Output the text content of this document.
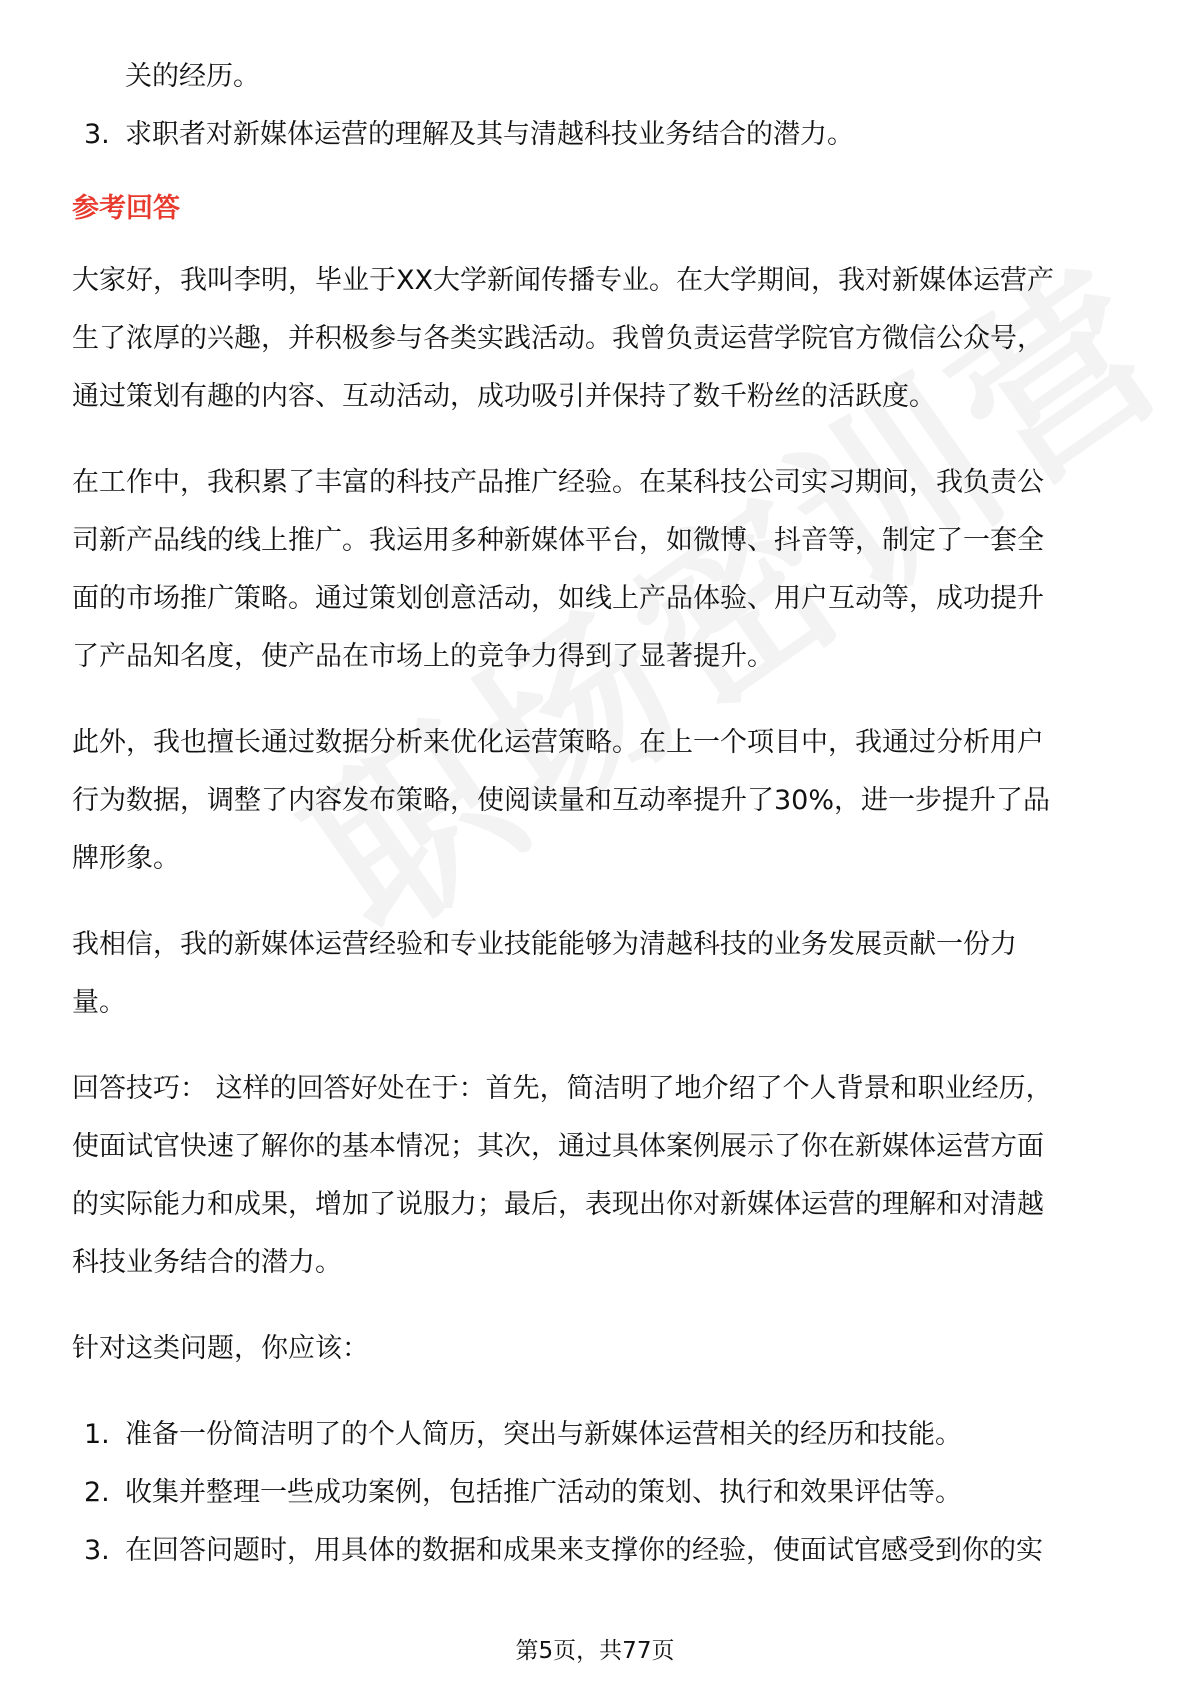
关的经历。
3. 求职者对新媒体运营的理解及其与清越科技业务结合的潜力。
参考回答
大家好，我叫李明，毕业于XX大学新闻传播专业。在大学期间，我对新媒体运营产
生了浓厚的兴趣，并积极参与各类实践活动。我曾负责运营学院官方微信公众号，
通过策划有趣的内容、互动活动，成功吸引并保持了数千粉丝的活跃度。
在工作中，我积累了丰富的科技产品推广经验。在某科技公司实习期间，我负责公
司新产品线的线上推广。我运用多种新媒体平台，如微博、抖音等，制定了一套全
面的市场推广策略。通过策划创意活动，如线上产品体验、用户互动等，成功提升
了产品知名度，使产品在市场上的竞争力得到了显著提升。
此外，我也擅长通过数据分析来优化运营策略。在上一个项目中，我通过分析用户
行为数据，调整了内容发布策略，使阅读量和互动率提升了30%，进一步提升了品
牌形象。
我相信，我的新媒体运营经验和专业技能能够为清越科技的业务发展贡献一份力
量。
回答技巧： 这样的回答好处在于：首先，简洁明了地介绍了个人背景和职业经历，
使面试官快速了解你的基本情况；其次，通过具体案例展示了你在新媒体运营方面
的实际能力和成果，增加了说服力；最后，表现出你对新媒体运营的理解和对清越
科技业务结合的潜力。
针对这类问题，你应该：
1. 准备一份简洁明了的个人简历，突出与新媒体运营相关的经历和技能。
2. 收集并整理一些成功案例，包括推广活动的策划、执行和效果评估等。
3. 在回答问题时，用具体的数据和成果来支撑你的经验，使面试官感受到你的实
第5页，共77页
